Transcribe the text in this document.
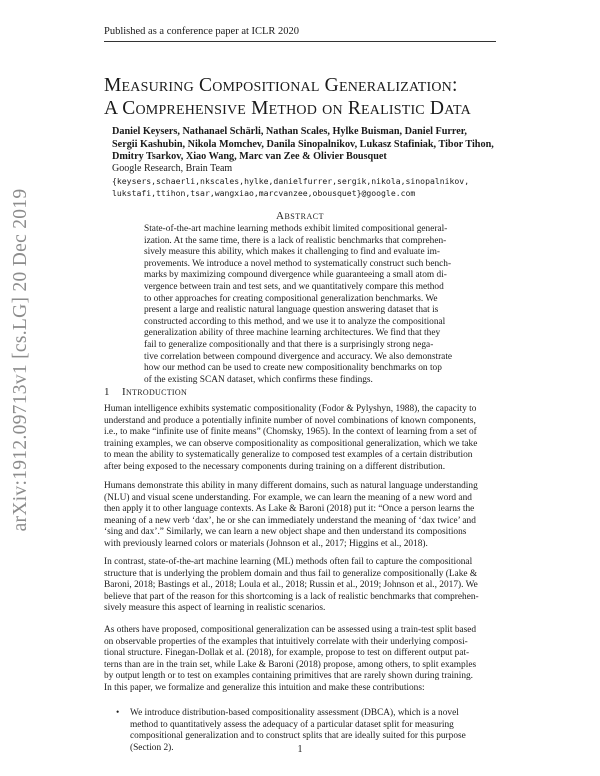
Published as a conference paper at ICLR 2020
arXiv:1912.09713v1 [cs.LG] 20 Dec 2019
Measuring Compositional Generalization:
A Comprehensive Method on Realistic Data
Daniel Keysers, Nathanael Schärli, Nathan Scales, Hylke Buisman, Daniel Furrer,
Sergii Kashubin, Nikola Momchev, Danila Sinopalnikov, Lukasz Stafiniak, Tibor Tihon,
Dmitry Tsarkov, Xiao Wang, Marc van Zee & Olivier Bousquet
Google Research, Brain Team
{keysers,schaerli,nkscales,hylke,danielfurrer,sergik,nikola,sinopalnikov,
lukstafi,ttihon,tsar,wangxiao,marcvanzee,obousquet}@google.com
Abstract
State-of-the-art machine learning methods exhibit limited compositional general-
ization. At the same time, there is a lack of realistic benchmarks that comprehen-
sively measure this ability, which makes it challenging to find and evaluate im-
provements. We introduce a novel method to systematically construct such bench-
marks by maximizing compound divergence while guaranteeing a small atom di-
vergence between train and test sets, and we quantitatively compare this method
to other approaches for creating compositional generalization benchmarks. We
present a large and realistic natural language question answering dataset that is
constructed according to this method, and we use it to analyze the compositional
generalization ability of three machine learning architectures. We find that they
fail to generalize compositionally and that there is a surprisingly strong nega-
tive correlation between compound divergence and accuracy. We also demonstrate
how our method can be used to create new compositionality benchmarks on top
of the existing SCAN dataset, which confirms these findings.
1 Introduction
Human intelligence exhibits systematic compositionality (Fodor & Pylyshyn, 1988), the capacity to
understand and produce a potentially infinite number of novel combinations of known components,
i.e., to make “infinite use of finite means” (Chomsky, 1965). In the context of learning from a set of
training examples, we can observe compositionality as compositional generalization, which we take
to mean the ability to systematically generalize to composed test examples of a certain distribution
after being exposed to the necessary components during training on a different distribution.
Humans demonstrate this ability in many different domains, such as natural language understanding
(NLU) and visual scene understanding. For example, we can learn the meaning of a new word and
then apply it to other language contexts. As Lake & Baroni (2018) put it: “Once a person learns the
meaning of a new verb ‘dax’, he or she can immediately understand the meaning of ‘dax twice’ and
‘sing and dax’.” Similarly, we can learn a new object shape and then understand its compositions
with previously learned colors or materials (Johnson et al., 2017; Higgins et al., 2018).
In contrast, state-of-the-art machine learning (ML) methods often fail to capture the compositional
structure that is underlying the problem domain and thus fail to generalize compositionally (Lake &
Baroni, 2018; Bastings et al., 2018; Loula et al., 2018; Russin et al., 2019; Johnson et al., 2017). We
believe that part of the reason for this shortcoming is a lack of realistic benchmarks that comprehen-
sively measure this aspect of learning in realistic scenarios.
As others have proposed, compositional generalization can be assessed using a train-test split based
on observable properties of the examples that intuitively correlate with their underlying composi-
tional structure. Finegan-Dollak et al. (2018), for example, propose to test on different output pat-
terns than are in the train set, while Lake & Baroni (2018) propose, among others, to split examples
by output length or to test on examples containing primitives that are rarely shown during training.
In this paper, we formalize and generalize this intuition and make these contributions:
• We introduce distribution-based compositionality assessment (DBCA), which is a novel
method to quantitatively assess the adequacy of a particular dataset split for measuring
compositional generalization and to construct splits that are ideally suited for this purpose
(Section 2).	1
